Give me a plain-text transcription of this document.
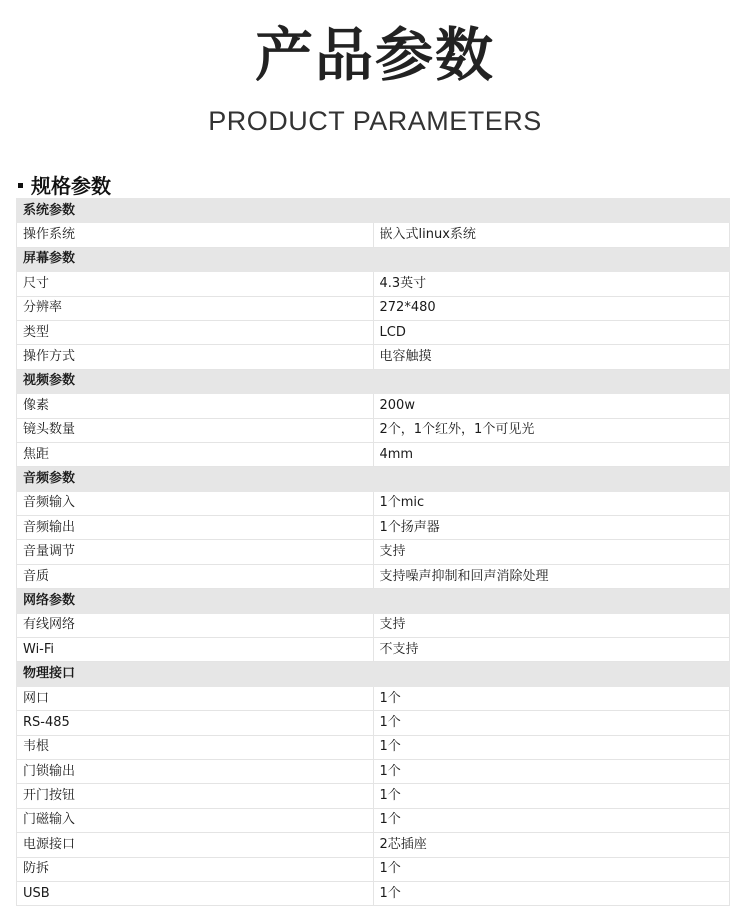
产品参数
PRODUCT PARAMETERS
规格参数
系统参数	
操作系统	嵌入式linux系统
屏幕参数	
尺寸	4.3英寸
分辨率	272*480
类型	LCD
操作方式	电容触摸
视频参数	
像素	200w
镜头数量	2个，1个红外，1个可见光
焦距	4mm
音频参数	
音频输入	1个mic
音频输出	1个扬声器
音量调节	支持
音质	支持噪声抑制和回声消除处理
网络参数	
有线网络	支持
Wi-Fi	不支持
物理接口	
网口	1个
RS-485	1个
韦根	1个
门锁输出	1个
开门按钮	1个
门磁输入	1个
电源接口	2芯插座
防拆	1个
USB	1个
